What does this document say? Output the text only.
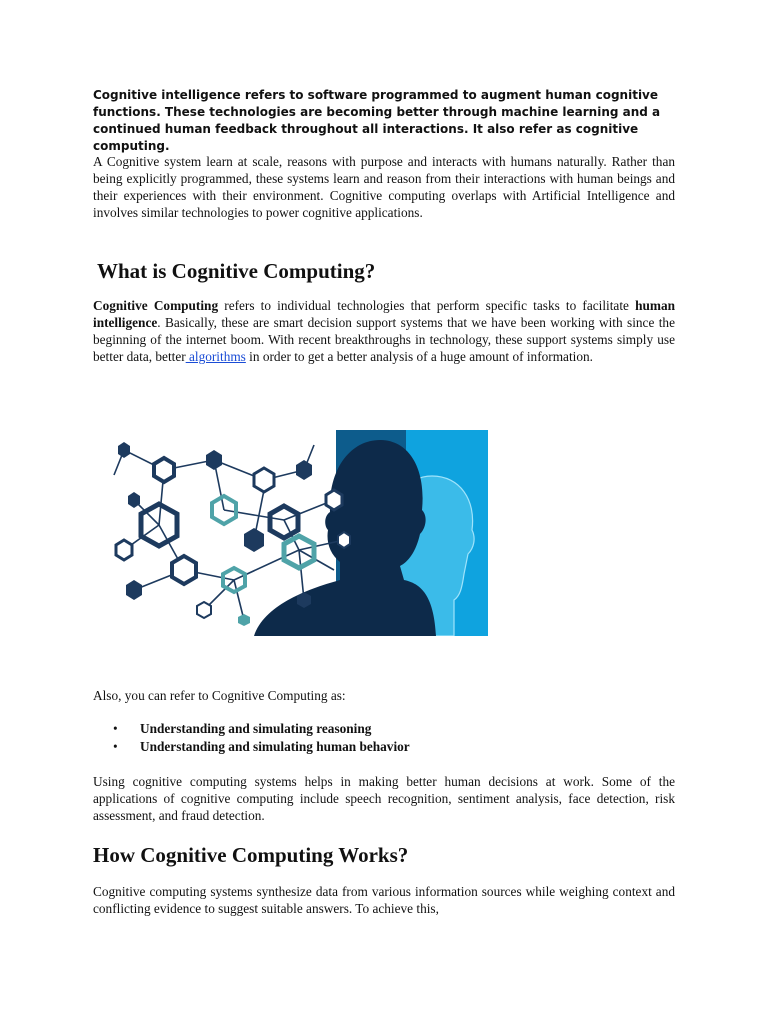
Cognitive intelligence refers to software programmed to augment human cognitive functions. These technologies are becoming better through machine learning and a continued human feedback throughout all interactions. It also refer as cognitive computing.

A Cognitive system learn at scale, reasons with purpose and interacts with humans naturally. Rather than being explicitly programmed, these systems learn and reason from their interactions with human beings and their experiences with their environment. Cognitive computing overlaps with Artificial Intelligence and involves similar technologies to power cognitive applications.

What is Cognitive Computing?

Cognitive Computing refers to individual technologies that perform specific tasks to facilitate human intelligence. Basically, these are smart decision support systems that we have been working with since the beginning of the internet boom. With recent breakthroughs in technology, these support systems simply use better data, better algorithms in order to get a better analysis of a huge amount of information.

Also, you can refer to Cognitive Computing as:

• Understanding and simulating reasoning
• Understanding and simulating human behavior

Using cognitive computing systems helps in making better human decisions at work. Some of the applications of cognitive computing include speech recognition, sentiment analysis, face detection, risk assessment, and fraud detection.

How Cognitive Computing Works?

Cognitive computing systems synthesize data from various information sources while weighing context and conflicting evidence to suggest suitable answers. To achieve this,
